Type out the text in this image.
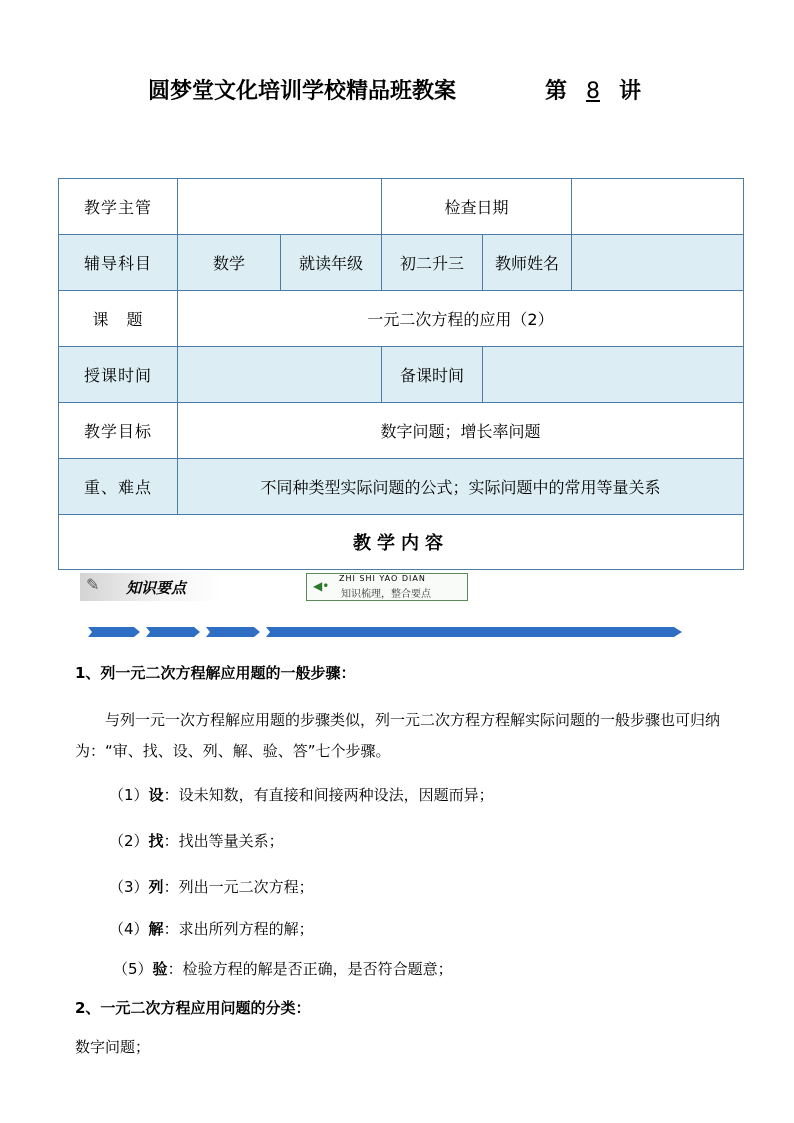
圆梦堂文化培训学校精品班教案	第 8 讲
教学主管			检查日期		
辅导科目	数学	就读年级	初二升三	教师姓名	
课　题	一元二次方程的应用（2）				
授课时间			备课时间		
教学目标	数字问题；增长率问题				
重、难点	不同种类型实际问题的公式；实际问题中的常用等量关系				
教学内容					
✎ 知识要点	◀•
ZHI SHI YAO DIAN
知识梳理，整合要点
1、列一元二次方程解应用题的一般步骤：
与列一元一次方程解应用题的步骤类似，列一元二次方程方程解实际问题的一般步骤也可归纳为：“审、找、设、列、解、验、答”七个步骤。
（1）设：设未知数，有直接和间接两种设法，因题而异；
（2）找：找出等量关系；
（3）列：列出一元二次方程；
（4）解：求出所列方程的解；
（5）验：检验方程的解是否正确，是否符合题意；
2、一元二次方程应用问题的分类：
数字问题；
